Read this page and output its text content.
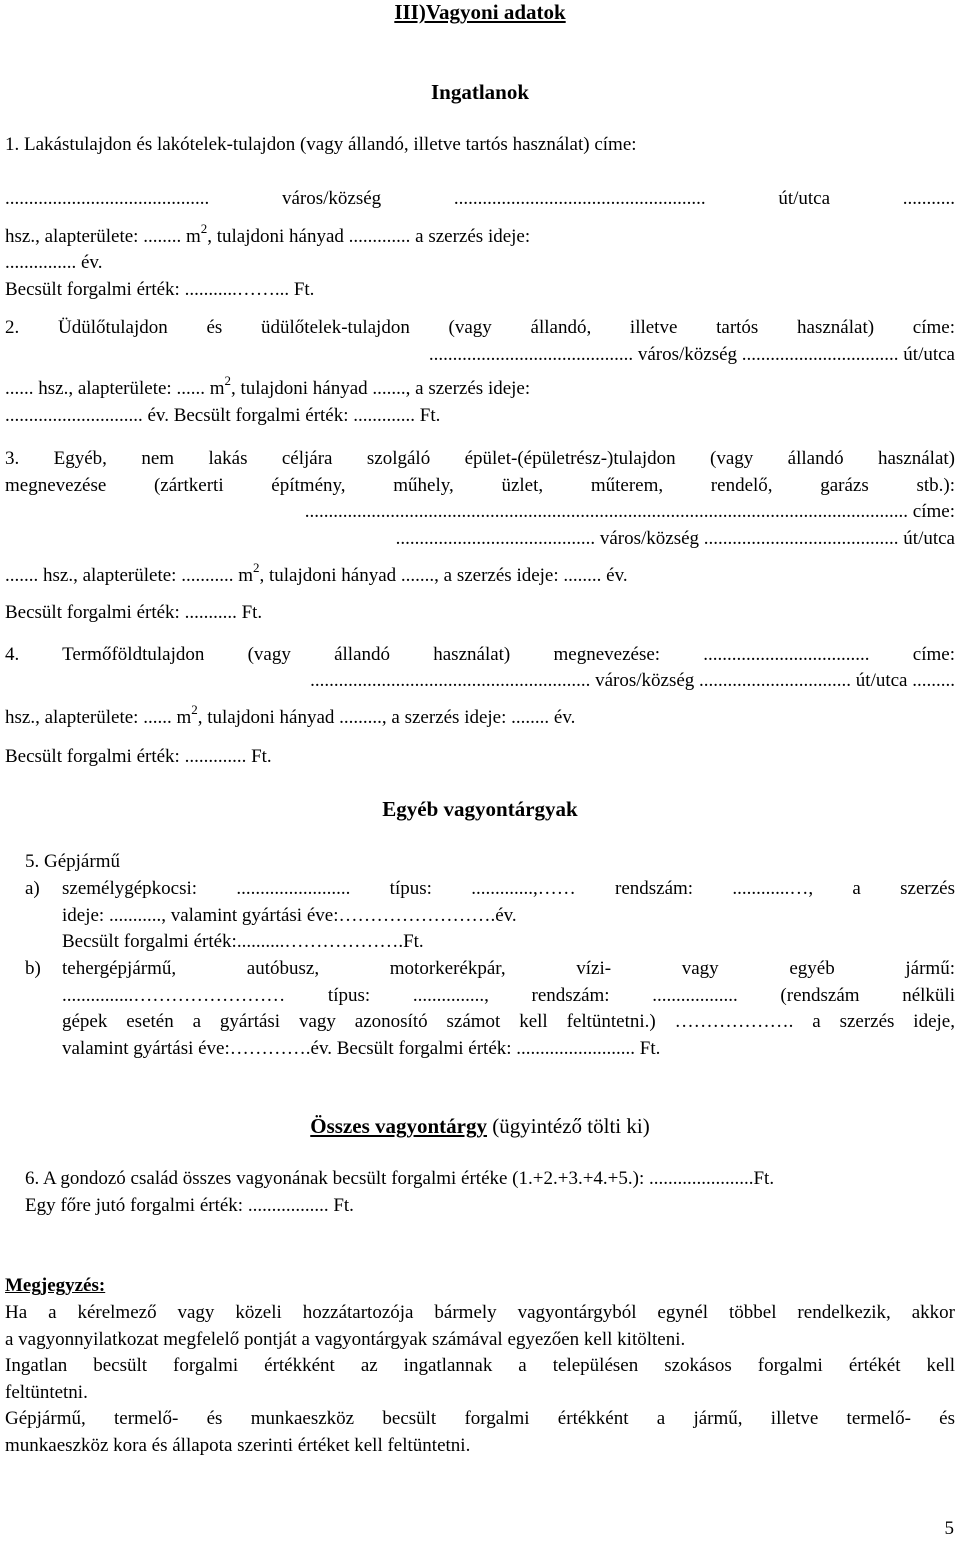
III)Vagyoni adatok
Ingatlanok
1. Lakástulajdon és lakótelek-tulajdon (vagy állandó, illetve tartós használat) címe:
........................................... város/község ..................................................... út/utca ...........
hsz., alapterülete: ........ $m^2$, tulajdoni hányad ............. a szerzés ideje:
............... év.
Becsült forgalmi érték: ...........……... Ft.
2. Üdülőtulajdon és üdülőtelek-tulajdon (vagy állandó, illetve tartós használat) címe:
........................................... város/község ................................. út/utca
...... hsz., alapterülete: ...... $m^2$, tulajdoni hányad ......., a szerzés ideje:
............................. év. Becsült forgalmi érték: ............. Ft.
3. Egyéb, nem lakás céljára szolgáló épület-(épületrész-)tulajdon (vagy állandó használat)
megnevezése (zártkerti építmény, műhely, üzlet, műterem, rendelő, garázs stb.):
............................................................................................................................... címe:
.......................................... város/község ......................................... út/utca
....... hsz., alapterülete: ........... $m^2$, tulajdoni hányad ......., a szerzés ideje: ........ év.
Becsült forgalmi érték: ........... Ft.
4. Termőföldtulajdon (vagy állandó használat) megnevezése: ................................... címe:
........................................................... város/község ................................ út/utca .........
hsz., alapterülete: ...... $m^2$, tulajdoni hányad ........., a szerzés ideje: ........ év.
Becsült forgalmi érték: ............. Ft.
Egyéb vagyontárgyak
5. Gépjármű
a)	személygépkocsi: ........................ típus: .............,…… rendszám: ............…, a szerzés
ideje: ..........., valamint gyártási éve:…………………….év.
Becsült forgalmi érték:..........……………….Ft.
b)	tehergépjármű, autóbusz, motorkerékpár, vízi- vagy egyéb jármű:
...............…………………… típus: ..............., rendszám: .................. (rendszám nélküli
gépek esetén a gyártási vagy azonosító számot kell feltüntetni.) ………………. a szerzés ideje,
valamint gyártási éve:………….év. Becsült forgalmi érték: ......................... Ft.
Összes vagyontárgy (ügyintéző tölti ki)
6. A gondozó család összes vagyonának becsült forgalmi értéke (1.+2.+3.+4.+5.): ......................Ft.
Egy főre jutó forgalmi érték: ................. Ft.
Megjegyzés:
Ha a kérelmező vagy közeli hozzátartozója bármely vagyontárgyból egynél többel rendelkezik, akkor
a vagyonnyilatkozat megfelelő pontját a vagyontárgyak számával egyezően kell kitölteni.
Ingatlan becsült forgalmi értékként az ingatlannak a településen szokásos forgalmi értékét kell
feltüntetni.
Gépjármű, termelő- és munkaeszköz becsült forgalmi értékként a jármű, illetve termelő- és
munkaeszköz kora és állapota szerinti értéket kell feltüntetni.
5
